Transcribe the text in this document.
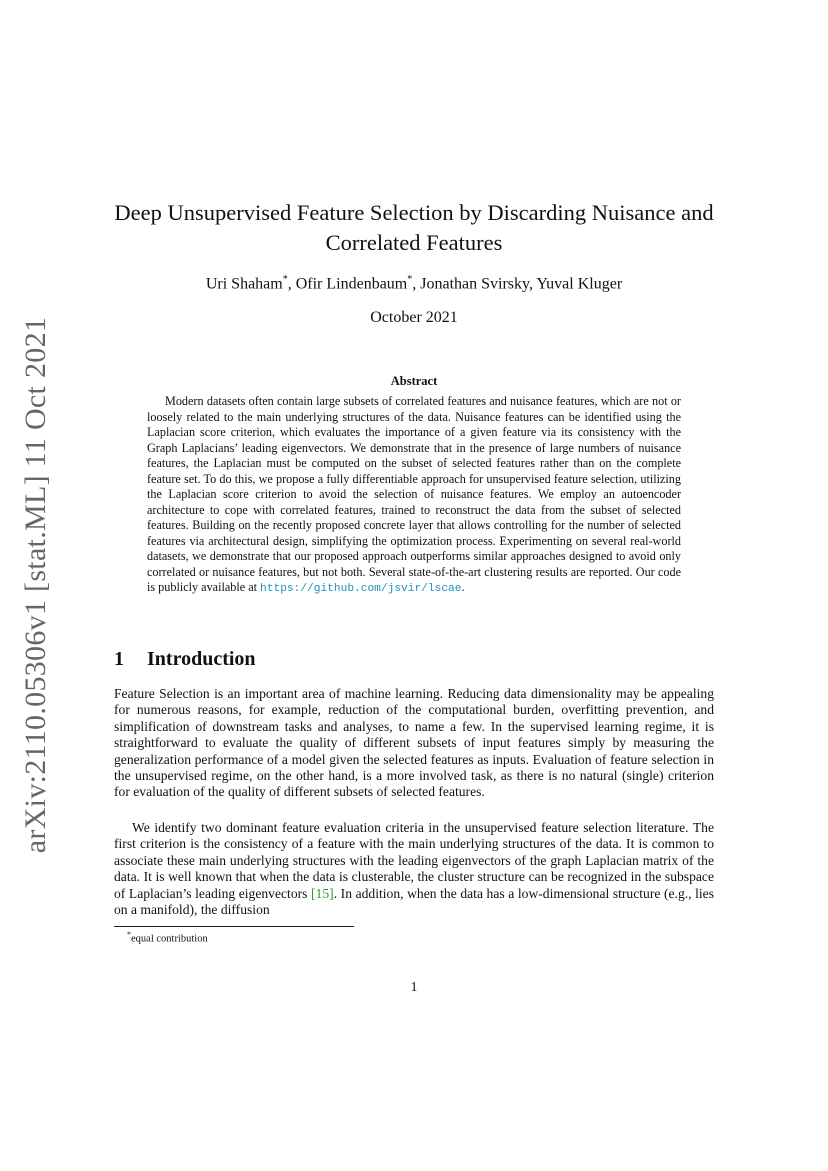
arXiv:2110.05306v1 [stat.ML] 11 Oct 2021
Deep Unsupervised Feature Selection by Discarding Nuisance and Correlated Features
Uri Shaham*, Ofir Lindenbaum*, Jonathan Svirsky, Yuval Kluger
October 2021
Abstract
Modern datasets often contain large subsets of correlated features and nuisance features, which are not or loosely related to the main underlying structures of the data. Nuisance features can be identified using the Laplacian score criterion, which evaluates the importance of a given feature via its consistency with the Graph Laplacians’ leading eigenvectors. We demonstrate that in the presence of large numbers of nuisance features, the Laplacian must be computed on the subset of selected features rather than on the complete feature set. To do this, we propose a fully differentiable approach for unsupervised feature selection, utilizing the Laplacian score criterion to avoid the selection of nuisance features. We employ an autoencoder architecture to cope with correlated features, trained to reconstruct the data from the subset of selected features. Building on the recently proposed concrete layer that allows controlling for the number of selected features via architectural design, simplifying the optimization process. Experimenting on several real-world datasets, we demonstrate that our proposed approach outperforms similar approaches designed to avoid only correlated or nuisance features, but not both. Several state-of-the-art clustering results are reported. Our code is publicly available at https://github.com/jsvir/lscae.
1 Introduction
Feature Selection is an important area of machine learning. Reducing data dimensionality may be appealing for numerous reasons, for example, reduction of the computational burden, overfitting prevention, and simplification of downstream tasks and analyses, to name a few. In the supervised learning regime, it is straightforward to evaluate the quality of different subsets of input features simply by measuring the generalization performance of a model given the selected features as inputs. Evaluation of feature selection in the unsupervised regime, on the other hand, is a more involved task, as there is no natural (single) criterion for evaluation of the quality of different subsets of selected features.
We identify two dominant feature evaluation criteria in the unsupervised feature selection literature. The first criterion is the consistency of a feature with the main underlying structures of the data. It is common to associate these main underlying structures with the leading eigenvectors of the graph Laplacian matrix of the data. It is well known that when the data is clusterable, the cluster structure can be recognized in the subspace of Laplacian’s leading eigenvectors [15]. In addition, when the data has a low-dimensional structure (e.g., lies on a manifold), the diffusion
*equal contribution
1
